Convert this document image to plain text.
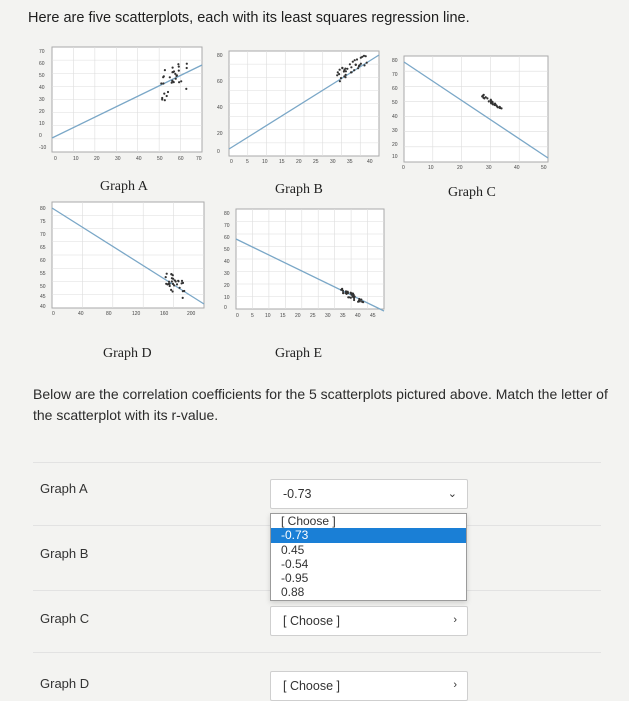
Here are five scatterplots, each with its least squares regression line.
70
60
50
40
30
20
10
0
-10
0	10	20	30	40	50	60 70
Graph A
80
60
40
20
0
0	5	10 15 20 25 30 35	40
Graph B
80
70
60
50
40
30
20
10
0	10	20	30	40	50
Graph C
80
75
70
65
60
55
50
45
40
0	40	80	120	160	200
Graph D
80
70
60
50
40
30
20
10
0
0 5 10 15 20 25 30 35 40 45
Graph E
Below are the correlation coefficients for the 5 scatterplots pictured above. Match the letter of the scatterplot with its r-value.
Graph A	-0.73	⌄
[ Choose ]
-0.73
0.45
-0.54
-0.95
0.88
Graph B
Graph C	[ Choose ]	›
Graph D	[ Choose ]	›
